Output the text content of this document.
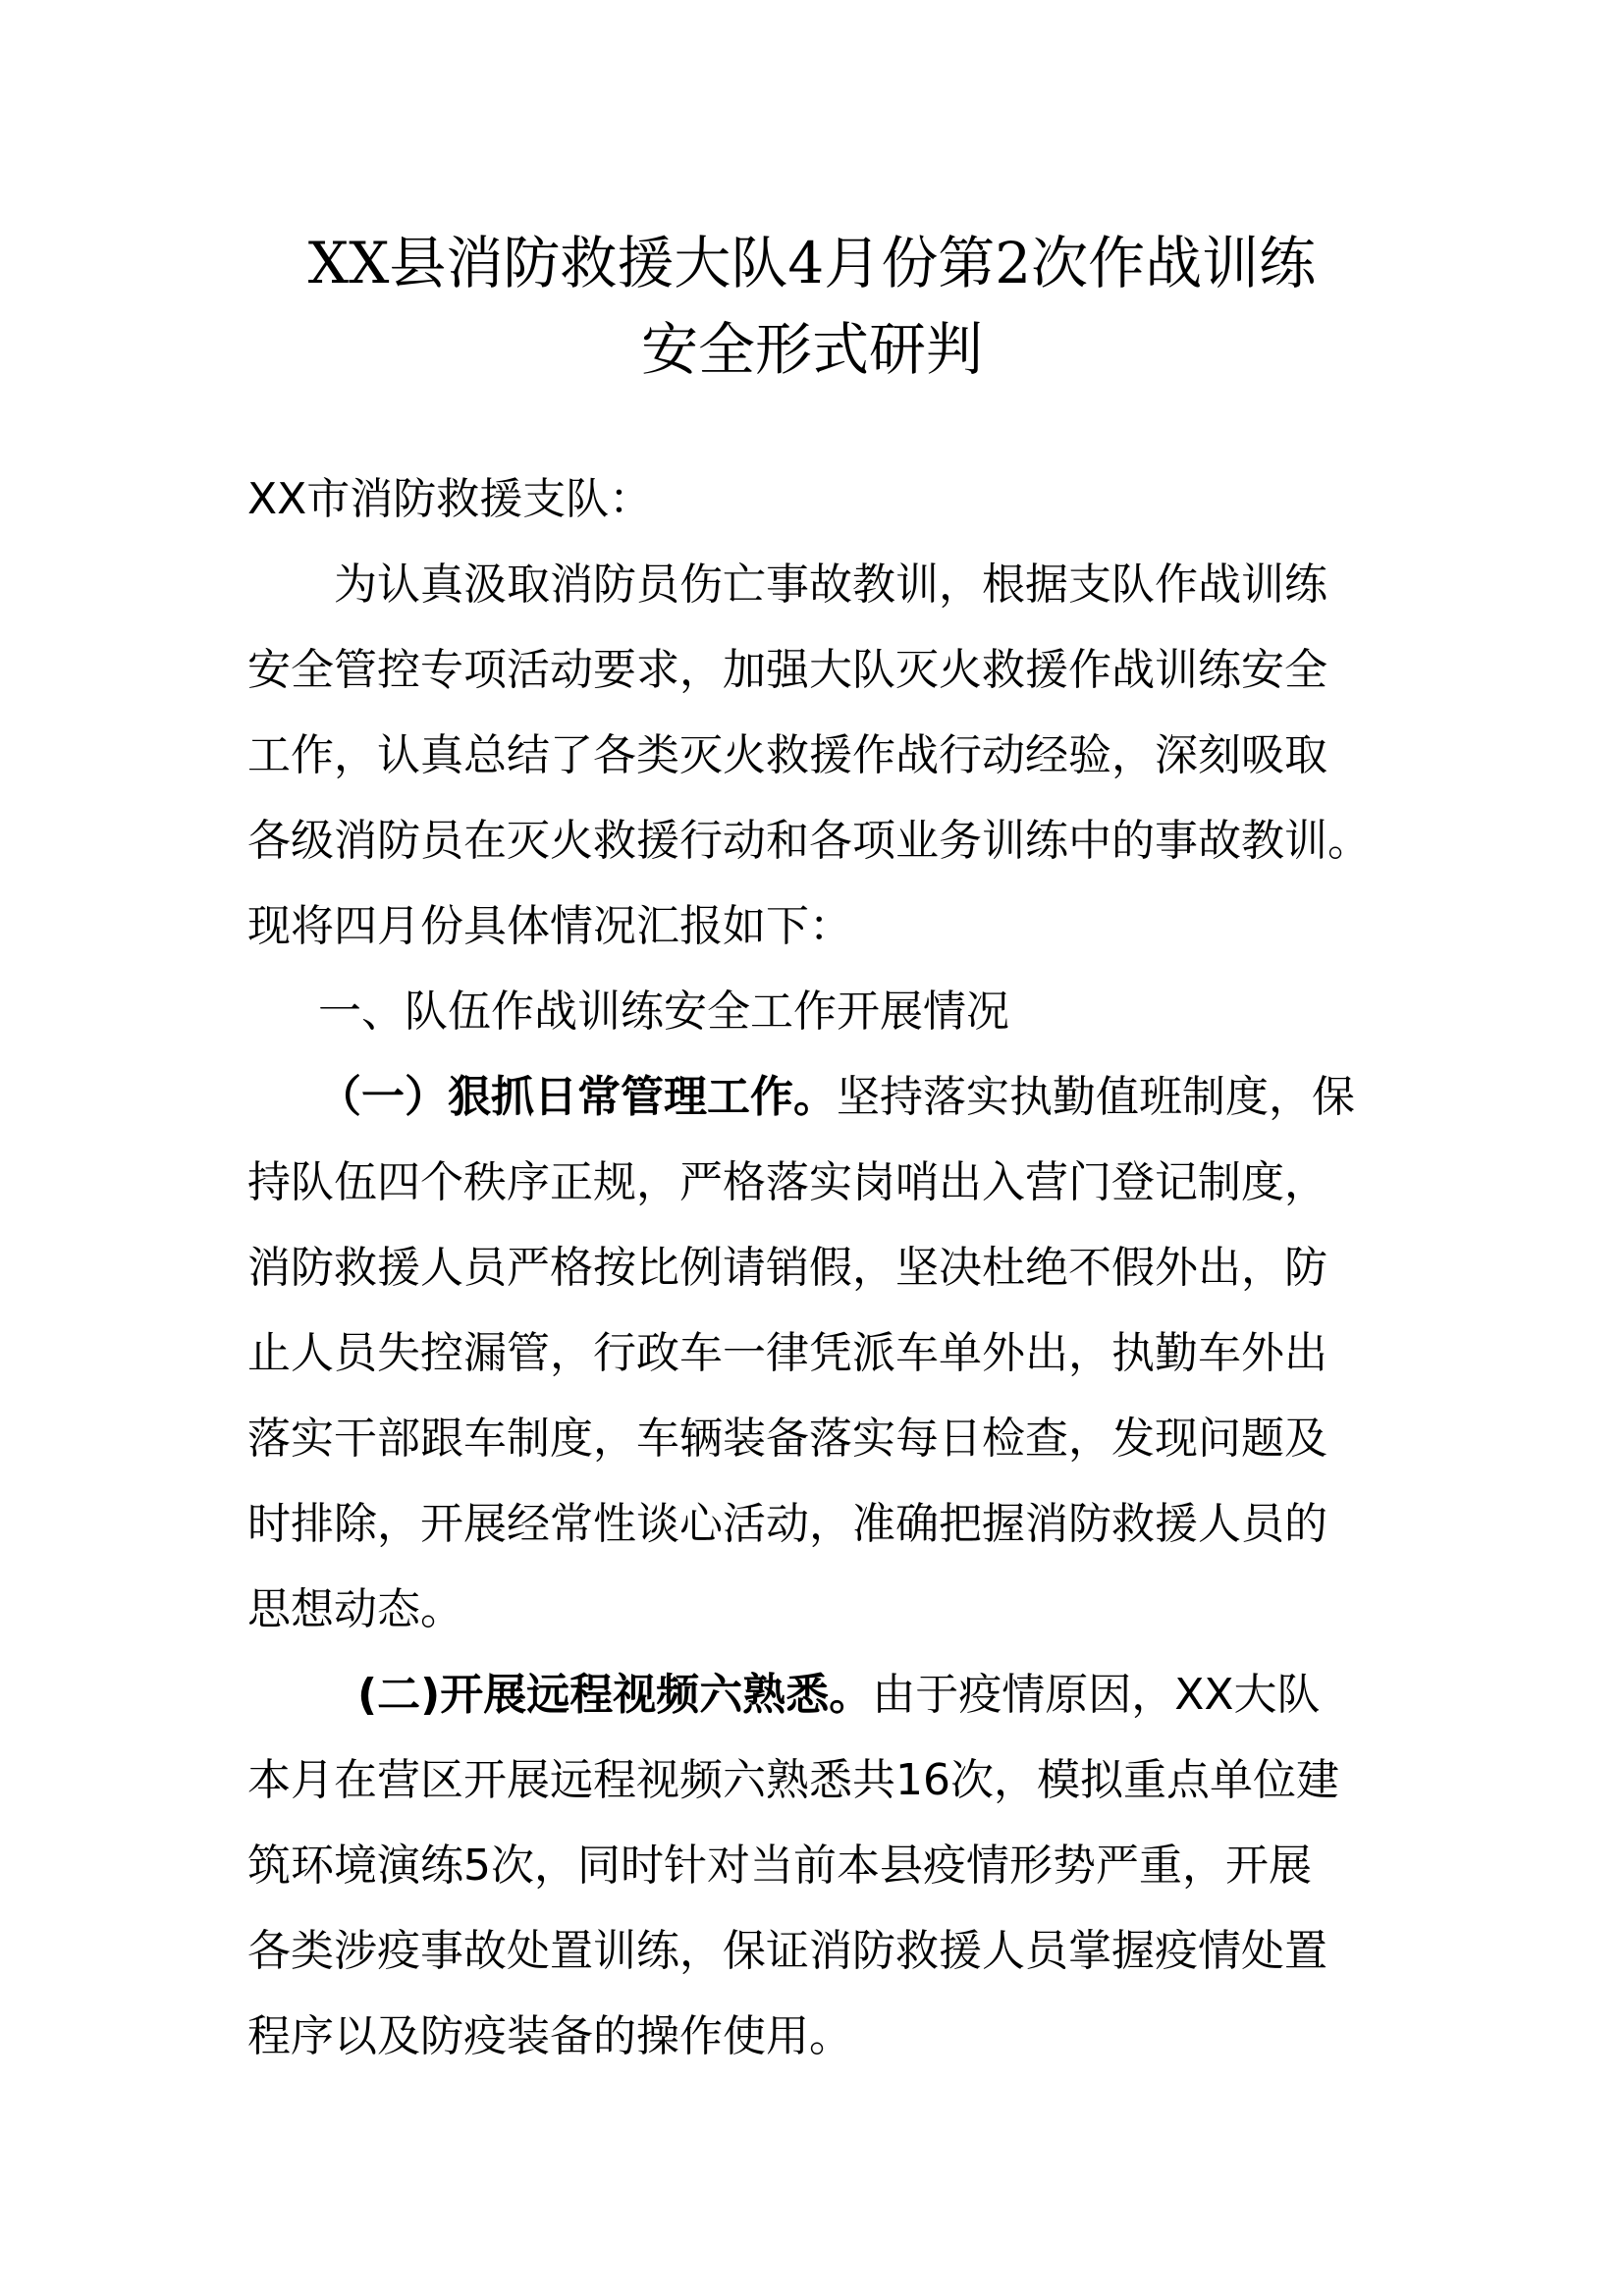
XX县消防救援大队4月份第2次作战训练
安全形式研判
XX市消防救援支队：
为认真汲取消防员伤亡事故教训，根据支队作战训练
安全管控专项活动要求，加强大队灭火救援作战训练安全
工作，认真总结了各类灭火救援作战行动经验，深刻吸取
各级消防员在灭火救援行动和各项业务训练中的事故教训。
现将四月份具体情况汇报如下：
一、队伍作战训练安全工作开展情况
（一）狠抓日常管理工作。坚持落实执勤值班制度，保
持队伍四个秩序正规，严格落实岗哨出入营门登记制度，
消防救援人员严格按比例请销假，坚决杜绝不假外出，防
止人员失控漏管，行政车一律凭派车单外出，执勤车外出
落实干部跟车制度，车辆装备落实每日检查，发现问题及
时排除，开展经常性谈心活动，准确把握消防救援人员的
思想动态。
(二)开展远程视频六熟悉。由于疫情原因，XX大队
本月在营区开展远程视频六熟悉共16次，模拟重点单位建
筑环境演练5次，同时针对当前本县疫情形势严重，开展
各类涉疫事故处置训练，保证消防救援人员掌握疫情处置
程序以及防疫装备的操作使用。
